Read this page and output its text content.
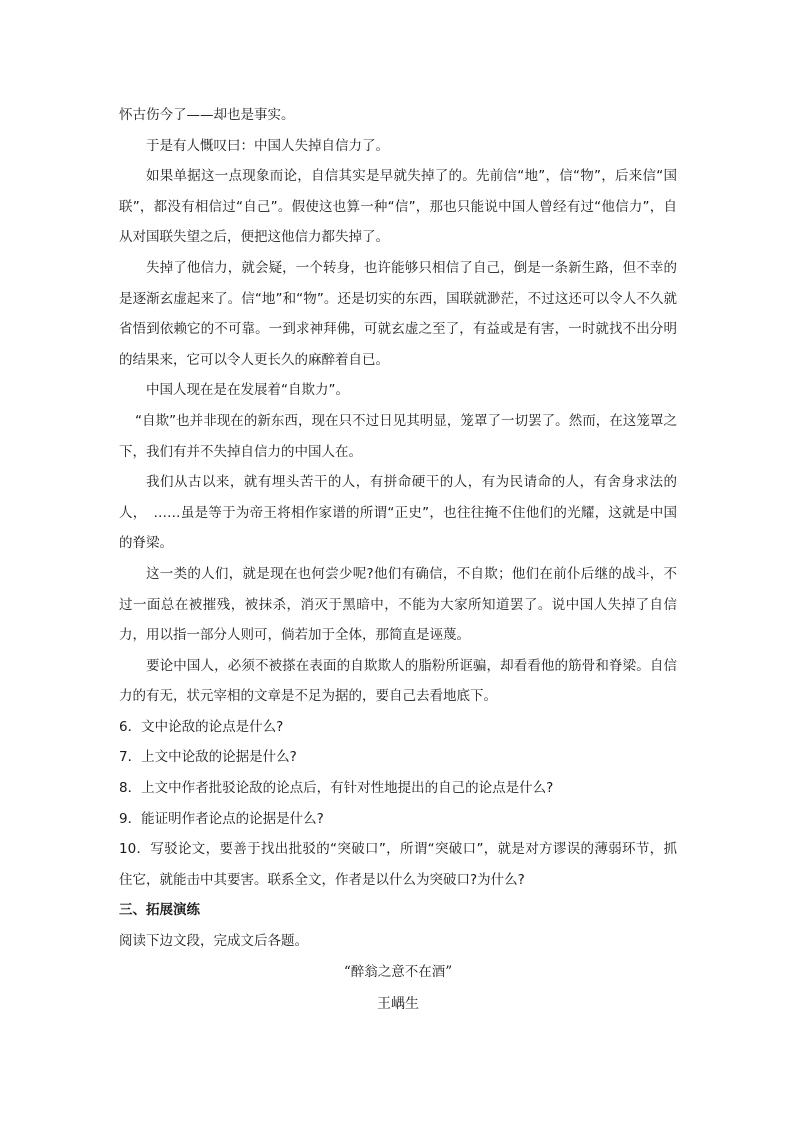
怀古伤今了——却也是事实。

于是有人慨叹曰：中国人失掉自信力了。

如果单据这一点现象而论，自信其实是早就失掉了的。先前信“地”，信“物”，后来信“国联”，都没有相信过“自己”。假使这也算一种“信”，那也只能说中国人曾经有过“他信力”，自从对国联失望之后，便把这他信力都失掉了。

失掉了他信力，就会疑，一个转身，也许能够只相信了自己，倒是一条新生路，但不幸的是逐渐玄虚起来了。信“地”和“物”。还是切实的东西，国联就渺茫，不过这还可以令人不久就省悟到依赖它的不可靠。一到求神拜佛，可就玄虚之至了，有益或是有害，一时就找不出分明的结果来，它可以令人更长久的麻醉着自已。

中国人现在是在发展着“自欺力”。

“自欺”也并非现在的新东西，现在只不过日见其明显，笼罩了一切罢了。然而，在这笼罩之下，我们有并不失掉自信力的中国人在。

我们从古以来，就有埋头苦干的人，有拼命硬干的人，有为民请命的人，有舍身求法的人，　……虽是等于为帝王将相作家谱的所谓“正史”，也往往掩不住他们的光耀，这就是中国的脊梁。

这一类的人们，就是现在也何尝少呢?他们有确信，不自欺；他们在前仆后继的战斗，不过一面总在被摧残，被抹杀，消灭于黑暗中，不能为大家所知道罢了。说中国人失掉了自信力，用以指一部分人则可，倘若加于全体，那简直是诬蔑。

要论中国人，必须不被搽在表面的自欺欺人的脂粉所诓骗，却看看他的筋骨和脊梁。自信力的有无，状元宰相的文章是不足为据的，要自己去看地底下。

6．文中论敌的论点是什么?

7．上文中论敌的论据是什么?

8．上文中作者批驳论敌的论点后，有针对性地提出的自己的论点是什么?

9．能证明作者论点的论据是什么?

10．写驳论文，要善于找出批驳的“突破口”，所谓“突破口”，就是对方谬误的薄弱环节，抓住它，就能击中其要害。联系全文，作者是以什么为突破口?为什么?

三、拓展演练

阅读下边文段，完成文后各题。

“醉翁之意不在酒”

王嵎生
